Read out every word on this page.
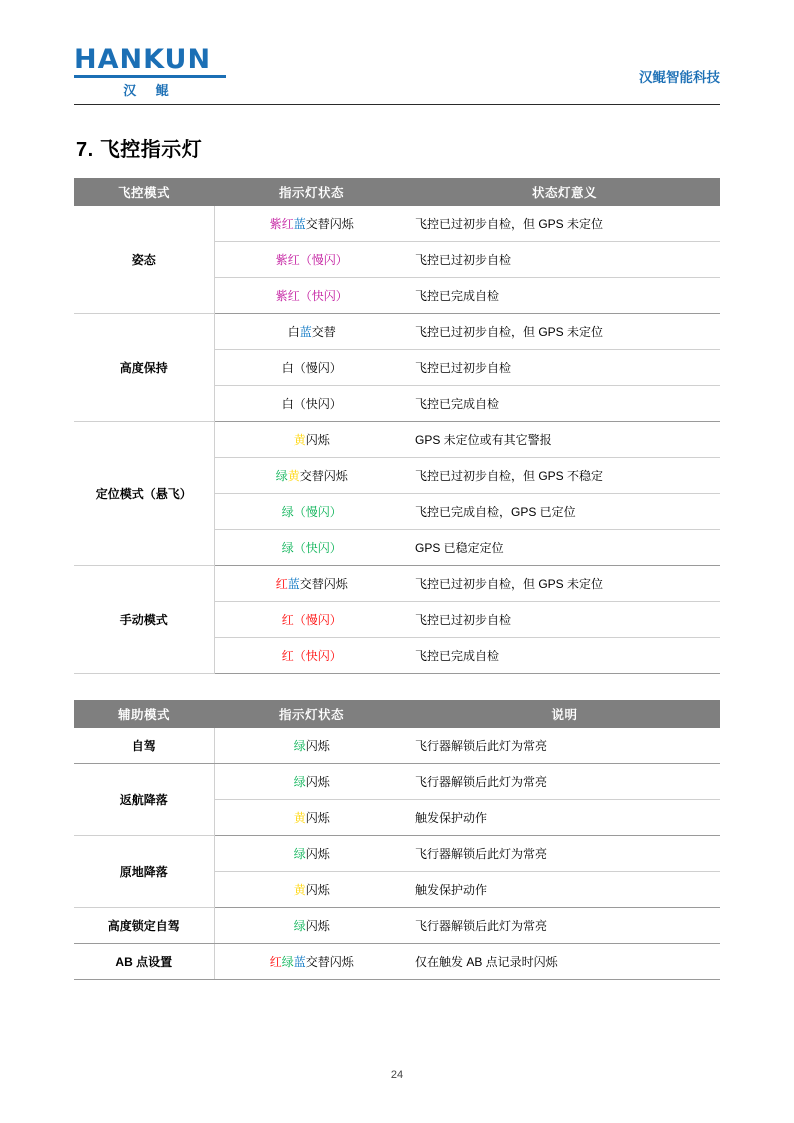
HANKUN
汉 鲲
汉鲲智能科技
7. 飞控指示灯
飞控模式	指示灯状态	状态灯意义
姿态	紫红蓝交替闪烁	飞控已过初步自检，但 GPS 未定位
	紫红（慢闪）	飞控已过初步自检
	紫红（快闪）	飞控已完成自检
高度保持	白蓝交替	飞控已过初步自检，但 GPS 未定位
	白（慢闪）	飞控已过初步自检
	白（快闪）	飞控已完成自检
定位模式（悬飞）	黄闪烁	GPS 未定位或有其它警报
	绿黄交替闪烁	飞控已过初步自检，但 GPS 不稳定
	绿（慢闪）	飞控已完成自检，GPS 已定位
	绿（快闪）	GPS 已稳定定位
手动模式	红蓝交替闪烁	飞控已过初步自检，但 GPS 未定位
	红（慢闪）	飞控已过初步自检
	红（快闪）	飞控已完成自检
辅助模式	指示灯状态	说明
自驾	绿闪烁	飞行器解锁后此灯为常亮
返航降落	绿闪烁	飞行器解锁后此灯为常亮
	黄闪烁	触发保护动作
原地降落	绿闪烁	飞行器解锁后此灯为常亮
	黄闪烁	触发保护动作
高度锁定自驾	绿闪烁	飞行器解锁后此灯为常亮
AB 点设置	红绿蓝交替闪烁	仅在触发 AB 点记录时闪烁
24
